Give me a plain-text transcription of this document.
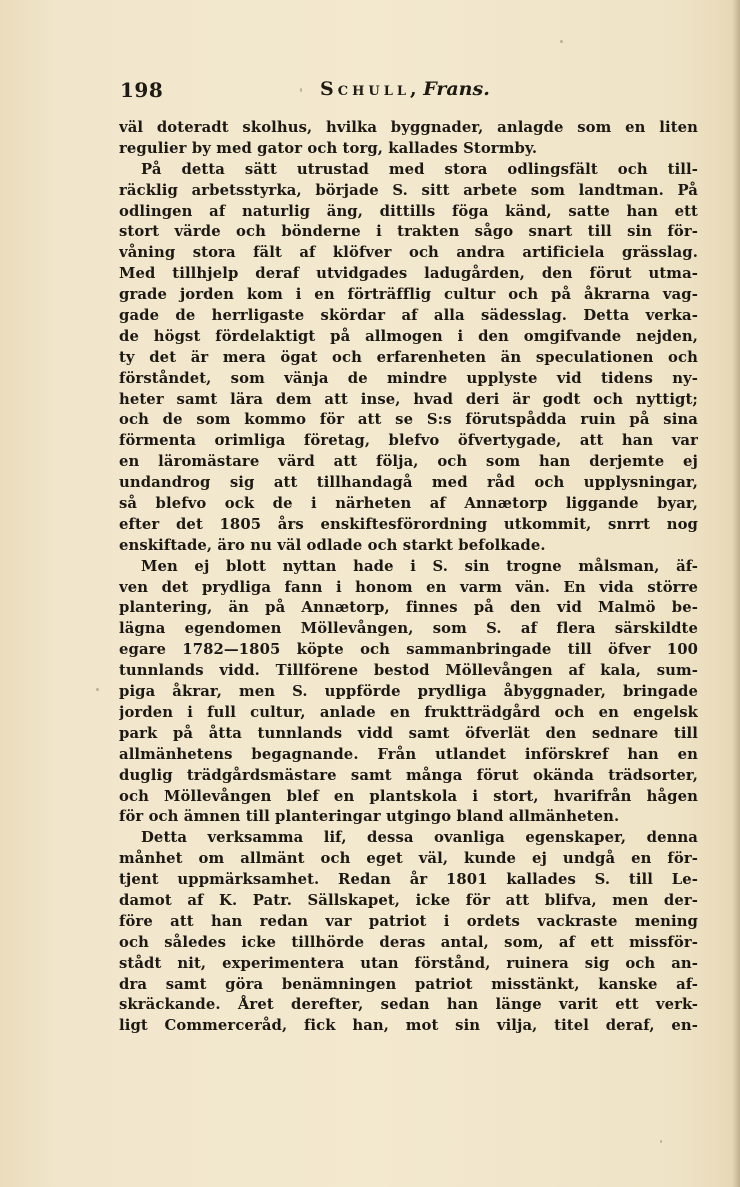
198	Schull, Frans.
väl doteradt skolhus, hvilka byggnader, anlagde som en liten
regulier by med gator och torg, kallades Stormby.
På detta sätt utrustad med stora odlingsfält och till-
räcklig arbetsstyrka, började S. sitt arbete som landtman. På
odlingen af naturlig äng, dittills föga känd, satte han ett
stort värde och bönderne i trakten sågo snart till sin för-
våning stora fält af klöfver och andra artificiela grässlag.
Med tillhjelp deraf utvidgades ladugården, den förut utma-
grade jorden kom i en förträfflig cultur och på åkrarna vag-
gade de herrligaste skördar af alla sädesslag. Detta verka-
de högst fördelaktigt på allmogen i den omgifvande nejden,
ty det är mera ögat och erfarenheten än speculationen och
förståndet, som vänja de mindre upplyste vid tidens ny-
heter samt lära dem att inse, hvad deri är godt och nyttigt;
och de som kommo för att se S:s förutspådda ruin på sina
förmenta orimliga företag, blefvo öfvertygade, att han var
en läromästare värd att följa, och som han derjemte ej
undandrog sig att tillhandagå med råd och upplysningar,
så blefvo ock de i närheten af Annætorp liggande byar,
efter det 1805 års enskiftesförordning utkommit, snrrt nog
enskiftade, äro nu väl odlade och starkt befolkade.
Men ej blott nyttan hade i S. sin trogne målsman, äf-
ven det prydliga fann i honom en varm vän. En vida större
plantering, än på Annætorp, finnes på den vid Malmö be-
lägna egendomen Möllevången, som S. af flera särskildte
egare 1782—1805 köpte och sammanbringade till öfver 100
tunnlands vidd. Tillförene bestod Möllevången af kala, sum-
piga åkrar, men S. uppförde prydliga åbyggnader, bringade
jorden i full cultur, anlade en fruktträdgård och en engelsk
park på åtta tunnlands vidd samt öfverlät den sednare till
allmänhetens begagnande. Från utlandet införskref han en
duglig trädgårdsmästare samt många förut okända trädsorter,
och Möllevången blef en plantskola i stort, hvarifrån hågen
för och ämnen till planteringar utgingo bland allmänheten.
Detta verksamma lif, dessa ovanliga egenskaper, denna
månhet om allmänt och eget väl, kunde ej undgå en för-
tjent uppmärksamhet. Redan år 1801 kallades S. till Le-
damot af K. Patr. Sällskapet, icke för att blifva, men der-
före att han redan var patriot i ordets vackraste mening
och således icke tillhörde deras antal, som, af ett missför-
stådt nit, experimentera utan förstånd, ruinera sig och an-
dra samt göra benämningen patriot misstänkt, kanske af-
skräckande. Året derefter, sedan han länge varit ett verk-
ligt Commerceråd, fick han, mot sin vilja, titel deraf, en-
